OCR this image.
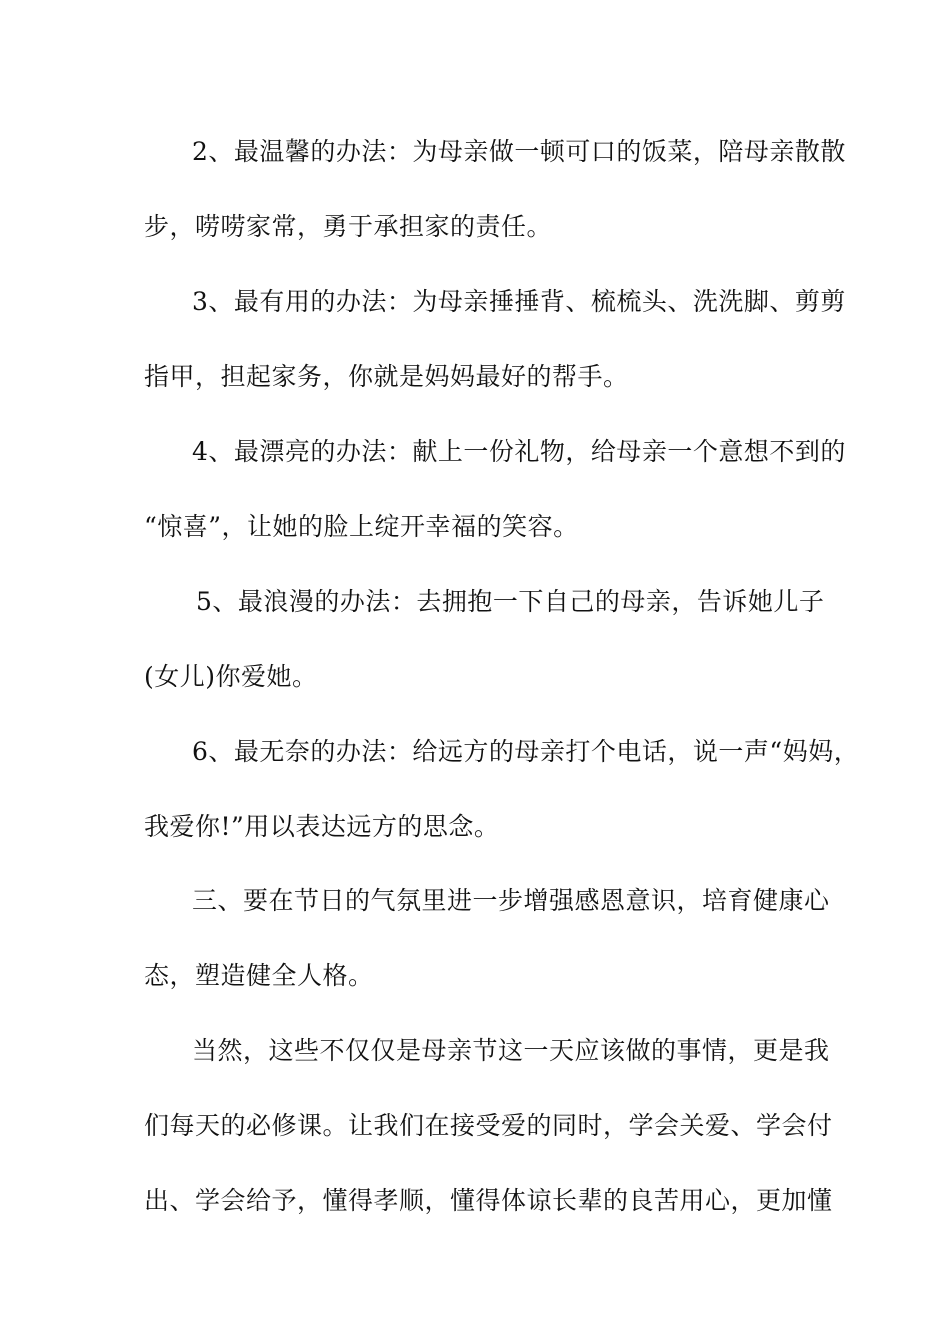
2、最温馨的办法：为母亲做一顿可口的饭菜，陪母亲散散
步，唠唠家常，勇于承担家的责任。
3、最有用的办法：为母亲捶捶背、梳梳头、洗洗脚、剪剪
指甲，担起家务，你就是妈妈最好的帮手。
4、最漂亮的办法：献上一份礼物，给母亲一个意想不到的
“惊喜”，让她的脸上绽开幸福的笑容。
5、最浪漫的办法：去拥抱一下自己的母亲，告诉她儿子
(女儿)你爱她。
6、最无奈的办法：给远方的母亲打个电话，说一声“妈妈，
我爱你!”用以表达远方的思念。
三、要在节日的气氛里进一步增强感恩意识，培育健康心
态，塑造健全人格。
当然，这些不仅仅是母亲节这一天应该做的事情，更是我
们每天的必修课。让我们在接受爱的同时，学会关爱、学会付
出、学会给予，懂得孝顺，懂得体谅长辈的良苦用心，更加懂
